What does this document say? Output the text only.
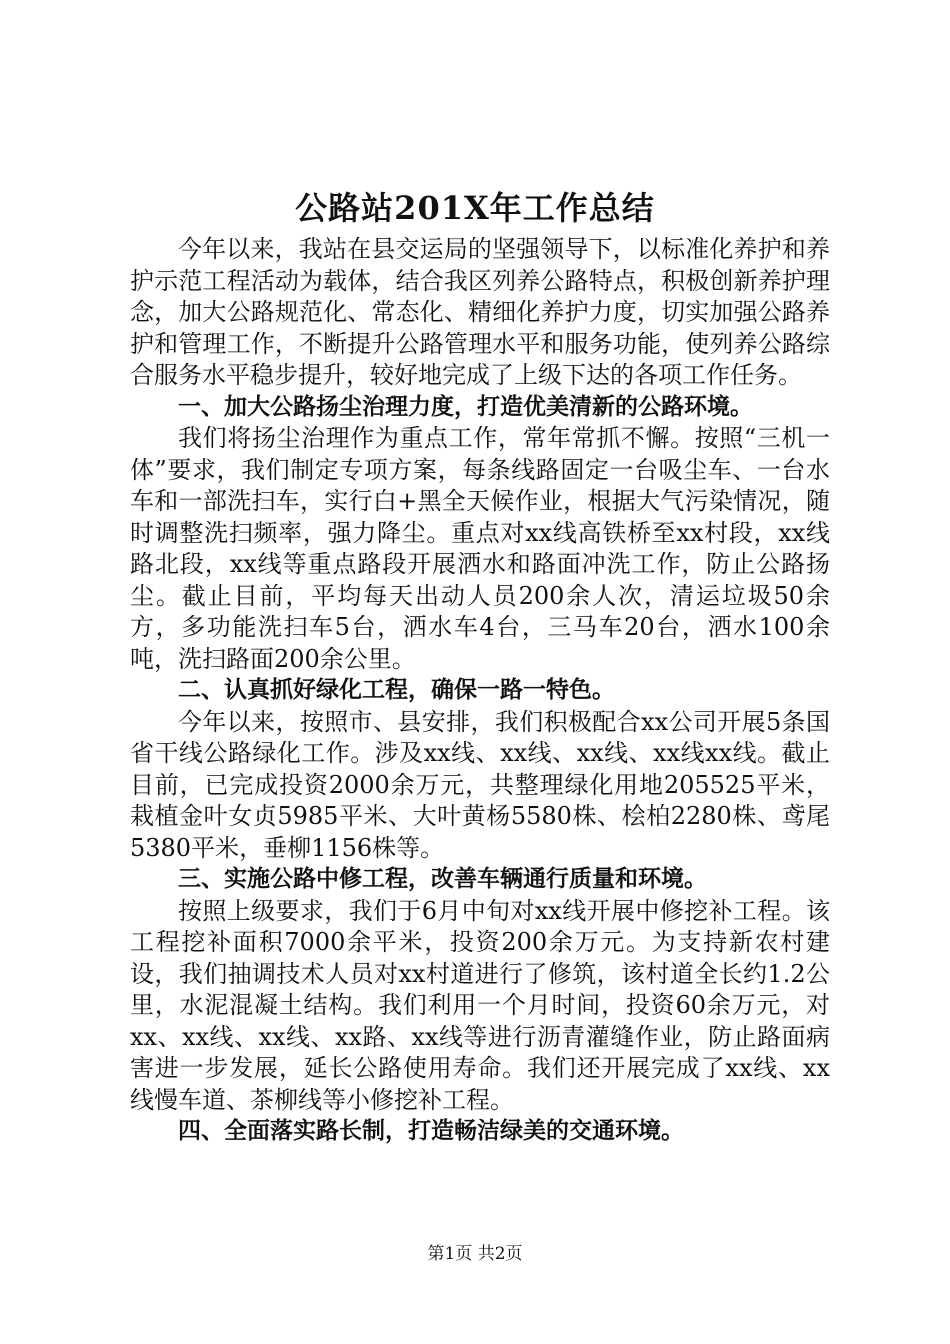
公路站201X年工作总结

今年以来，我站在县交运局的坚强领导下，以标准化养护和养护示范工程活动为载体，结合我区列养公路特点，积极创新养护理念，加大公路规范化、常态化、精细化养护力度，切实加强公路养护和管理工作，不断提升公路管理水平和服务功能，使列养公路综合服务水平稳步提升，较好地完成了上级下达的各项工作任务。

一、加大公路扬尘治理力度，打造优美清新的公路环境。

我们将扬尘治理作为重点工作，常年常抓不懈。按照“三机一体”要求，我们制定专项方案，每条线路固定一台吸尘车、一台水车和一部洗扫车，实行白+黑全天候作业，根据大气污染情况，随时调整洗扫频率，强力降尘。重点对xx线高铁桥至xx村段，xx线路北段，xx线等重点路段开展洒水和路面冲洗工作，防止公路扬尘。截止目前，平均每天出动人员200余人次，清运垃圾50余方，多功能洗扫车5台，洒水车4台，三马车20台，洒水100余吨，洗扫路面200余公里。

二、认真抓好绿化工程，确保一路一特色。

今年以来，按照市、县安排，我们积极配合xx公司开展5条国省干线公路绿化工作。涉及xx线、xx线、xx线、xx线xx线。截止目前，已完成投资2000余万元，共整理绿化用地205525平米，栽植金叶女贞5985平米、大叶黄杨5580株、桧柏2280株、鸢尾5380平米，垂柳1156株等。

三、实施公路中修工程，改善车辆通行质量和环境。

按照上级要求，我们于6月中旬对xx线开展中修挖补工程。该工程挖补面积7000余平米，投资200余万元。为支持新农村建设，我们抽调技术人员对xx村道进行了修筑，该村道全长约1.2公里，水泥混凝土结构。我们利用一个月时间，投资60余万元，对xx、xx线、xx线、xx路、xx线等进行沥青灌缝作业，防止路面病害进一步发展，延长公路使用寿命。我们还开展完成了xx线、xx线慢车道、茶柳线等小修挖补工程。

四、全面落实路长制，打造畅洁绿美的交通环境。

第1页 共2页
